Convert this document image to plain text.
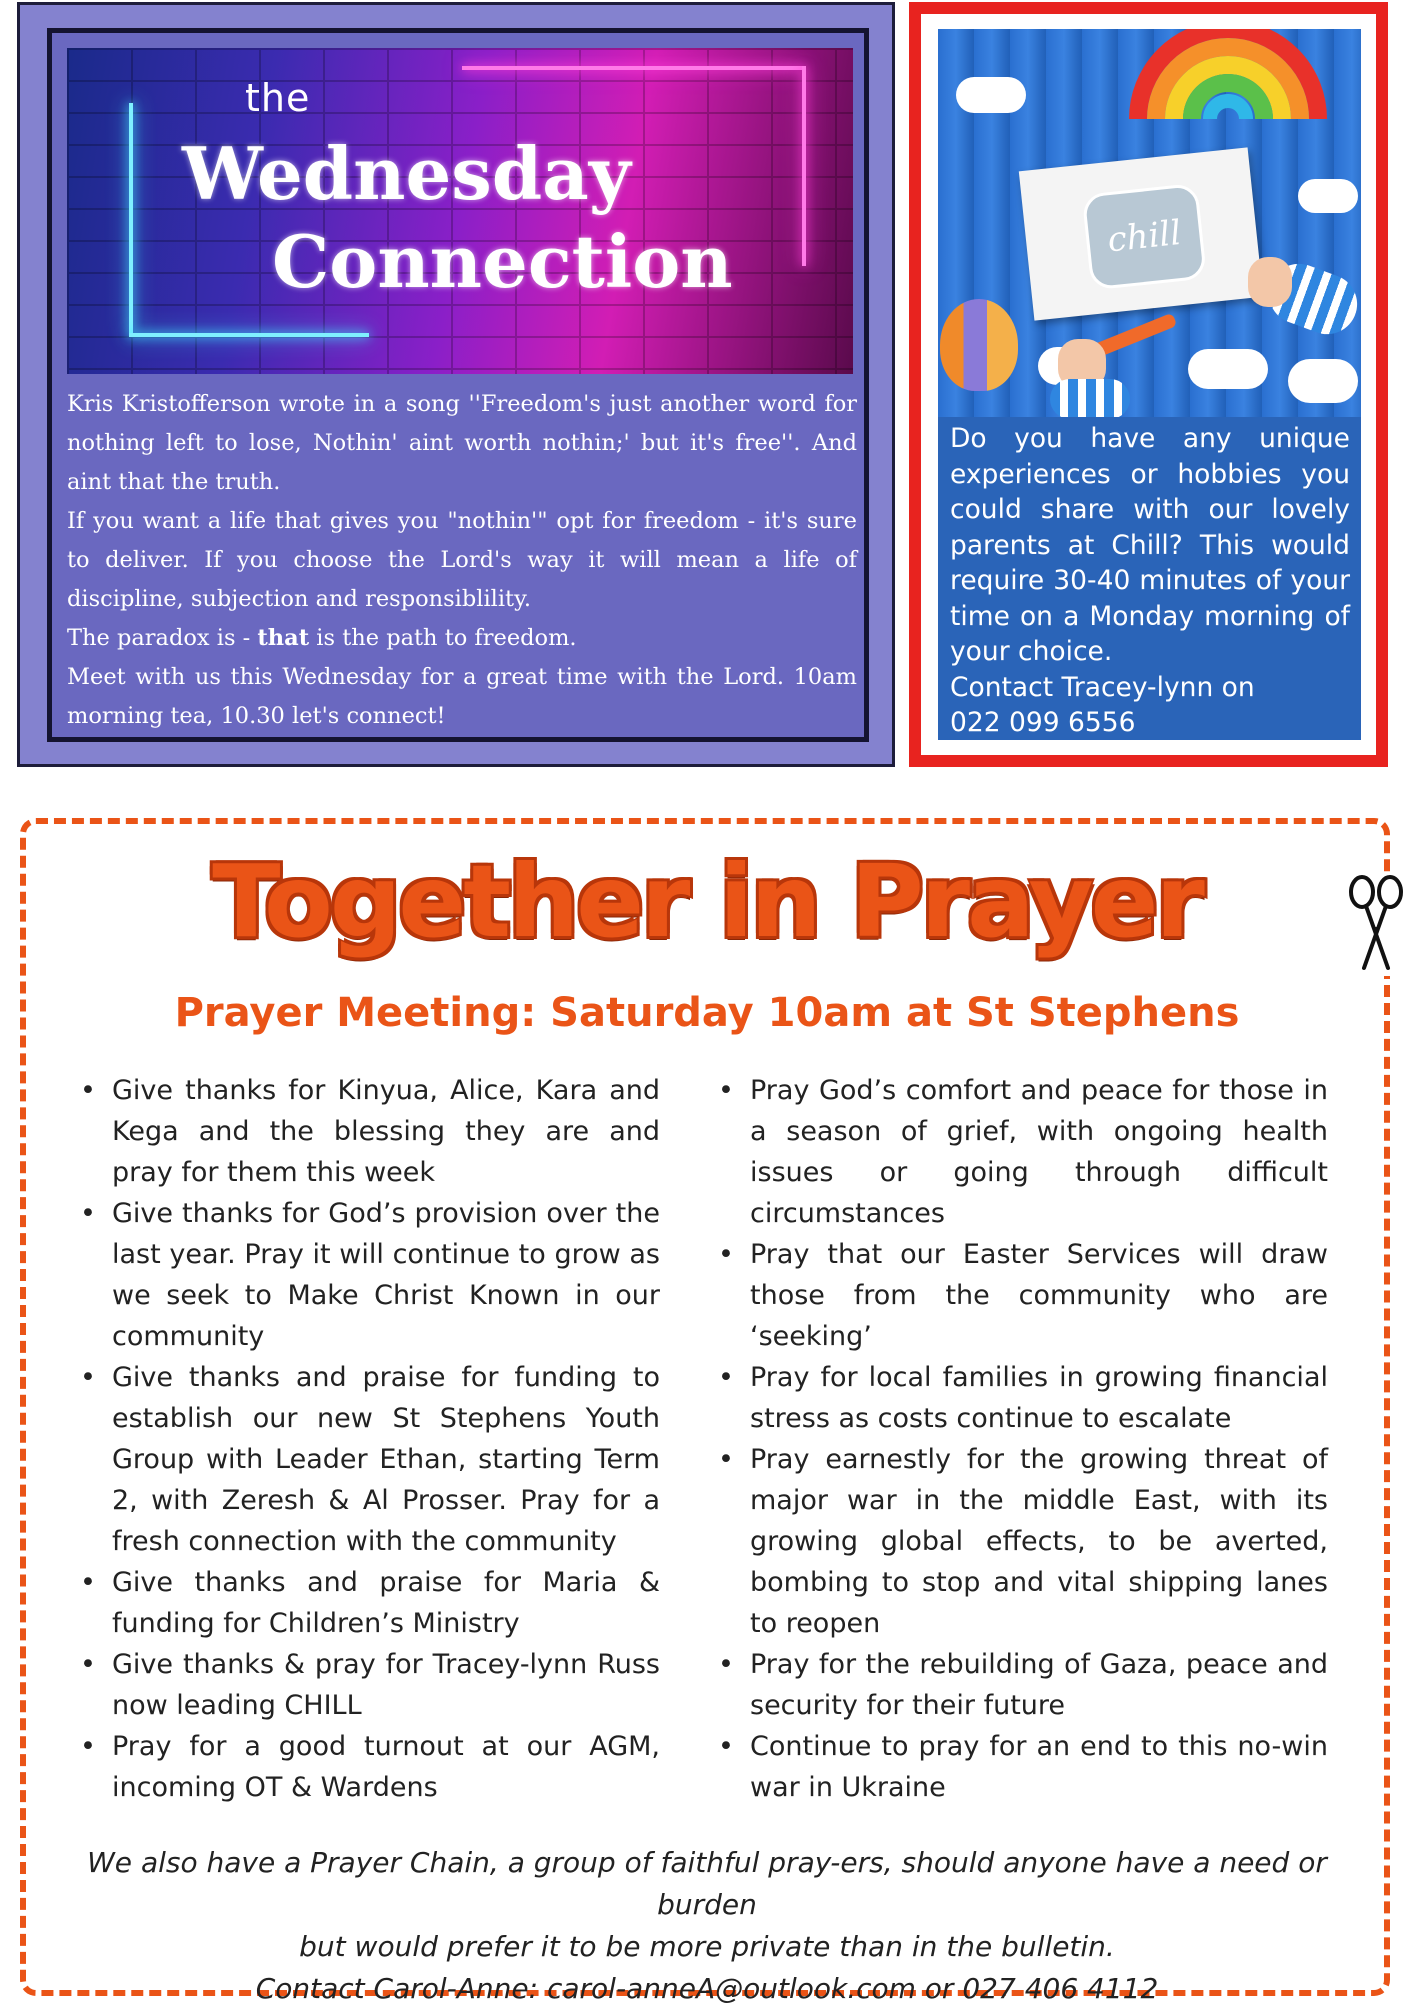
the
Wednesday
Connection

Kris Kristofferson wrote in a song ''Freedom's just another word for nothing left to lose, Nothin' aint worth nothin;' but it's free''. And aint that the truth.

If you want a life that gives you "nothin'" opt for freedom - it's sure to deliver. If you choose the Lord's way it will mean a life of discipline, subjection and responsiblility.

The paradox is - that is the path to freedom.

Meet with us this Wednesday for a great time with the Lord. 10am morning tea, 10.30 let's connect!

chill

Do you have any unique experiences or hobbies you could share with our lovely parents at Chill? This would require 30-40 minutes of your time on a Monday morning of your choice.

Contact Tracey-lynn on

022 099 6556

Together in Prayer
Prayer Meeting: Saturday 10am at St Stephens
• Give thanks for Kinyua, Alice, Kara and Kega and the blessing they are and pray for them this week
• Give thanks for God’s provision over the last year. Pray it will continue to grow as we seek to Make Christ Known in our community
• Give thanks and praise for funding to establish our new St Stephens Youth Group with Leader Ethan, starting Term 2, with Zeresh & Al Prosser. Pray for a fresh connection with the community
• Give thanks and praise for Maria & funding for Children’s Ministry
• Give thanks & pray for Tracey-lynn Russ now leading CHILL
• Pray for a good turnout at our AGM, incoming OT & Wardens
• Pray God’s comfort and peace for those in a season of grief, with ongoing health issues or going through difficult circumstances
• Pray that our Easter Services will draw those from the community who are ‘seeking’
• Pray for local families in growing financial stress as costs continue to escalate
• Pray earnestly for the growing threat of major war in the middle East, with its growing global effects, to be averted, bombing to stop and vital shipping lanes to reopen
• Pray for the rebuilding of Gaza, peace and security for their future
• Continue to pray for an end to this no-win war in Ukraine

We also have a Prayer Chain, a group of faithful pray-ers, should anyone have a need or burden

but would prefer it to be more private than in the bulletin.

Contact Carol-Anne: carol-anneA@outlook.com or 027 406 4112
